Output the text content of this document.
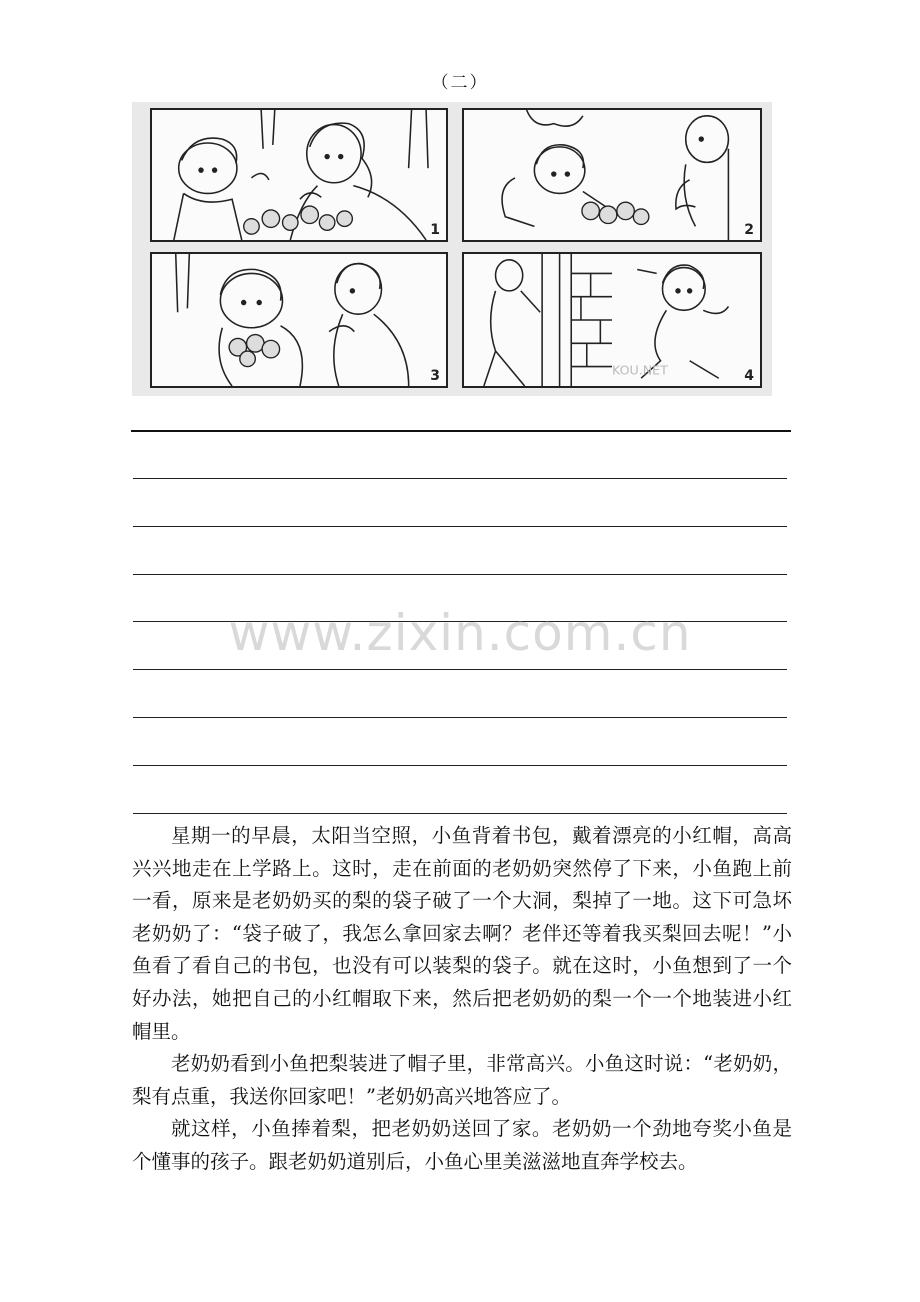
（二）
1	2
3	KOU.NET	4
www.zixin.com.cn

星期一的早晨，太阳当空照，小鱼背着书包，戴着漂亮的小红帽，高高兴兴地走在上学路上。这时，走在前面的老奶奶突然停了下来，小鱼跑上前一看，原来是老奶奶买的梨的袋子破了一个大洞，梨掉了一地。这下可急坏老奶奶了：“袋子破了，我怎么拿回家去啊？老伴还等着我买梨回去呢！”小鱼看了看自己的书包，也没有可以装梨的袋子。就在这时，小鱼想到了一个好办法，她把自己的小红帽取下来，然后把老奶奶的梨一个一个地装进小红帽里。

老奶奶看到小鱼把梨装进了帽子里，非常高兴。小鱼这时说：“老奶奶，梨有点重，我送你回家吧！”老奶奶高兴地答应了。

就这样，小鱼捧着梨，把老奶奶送回了家。老奶奶一个劲地夸奖小鱼是个懂事的孩子。跟老奶奶道别后，小鱼心里美滋滋地直奔学校去。
